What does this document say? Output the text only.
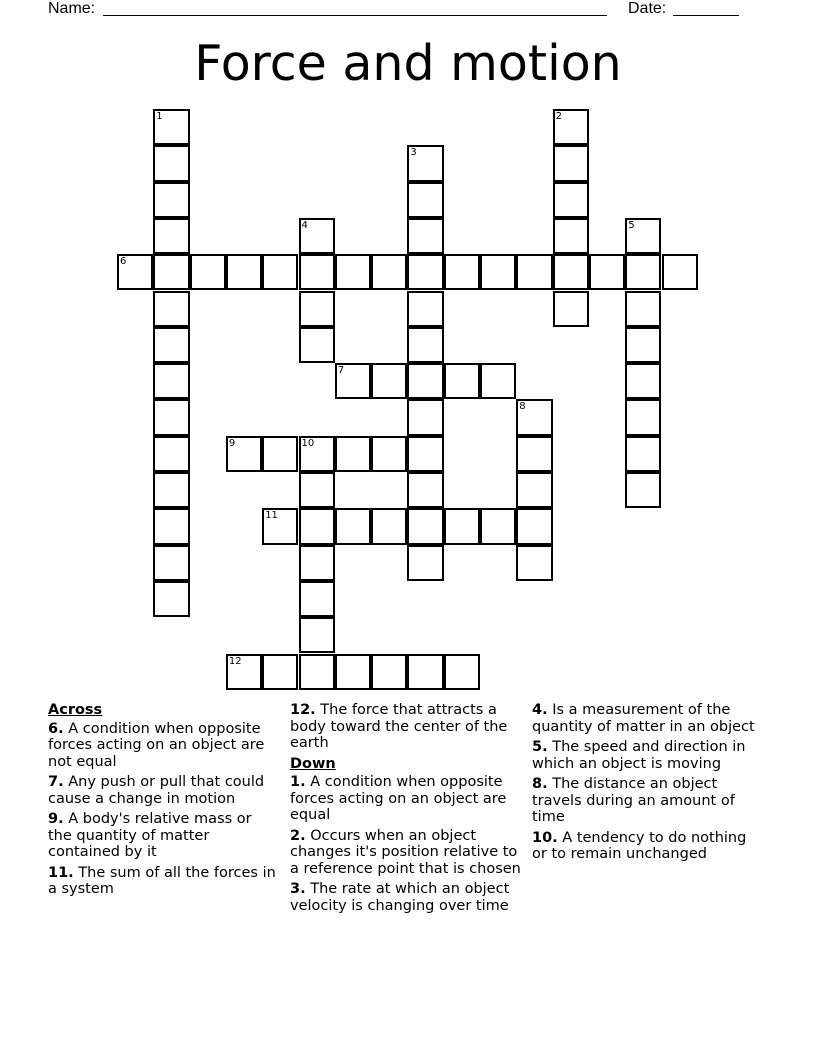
Name:	Date:
Force and motion
1	2
3
4	5
6
7
8
9	10
11
12
Across
6. A condition when opposite forces acting on an object are not equal
7. Any push or pull that could cause a change in motion
9. A body's relative mass or the quantity of matter contained by it
11. The sum of all the forces in a system
12. The force that attracts a body toward the center of the earth
Down
1. A condition when opposite forces acting on an object are equal
2. Occurs when an object changes it's position relative to a reference point that is chosen
3. The rate at which an object velocity is changing over time
4. Is a measurement of the quantity of matter in an object
5. The speed and direction in which an object is moving
8. The distance an object travels during an amount of time
10. A tendency to do nothing or to remain unchanged
